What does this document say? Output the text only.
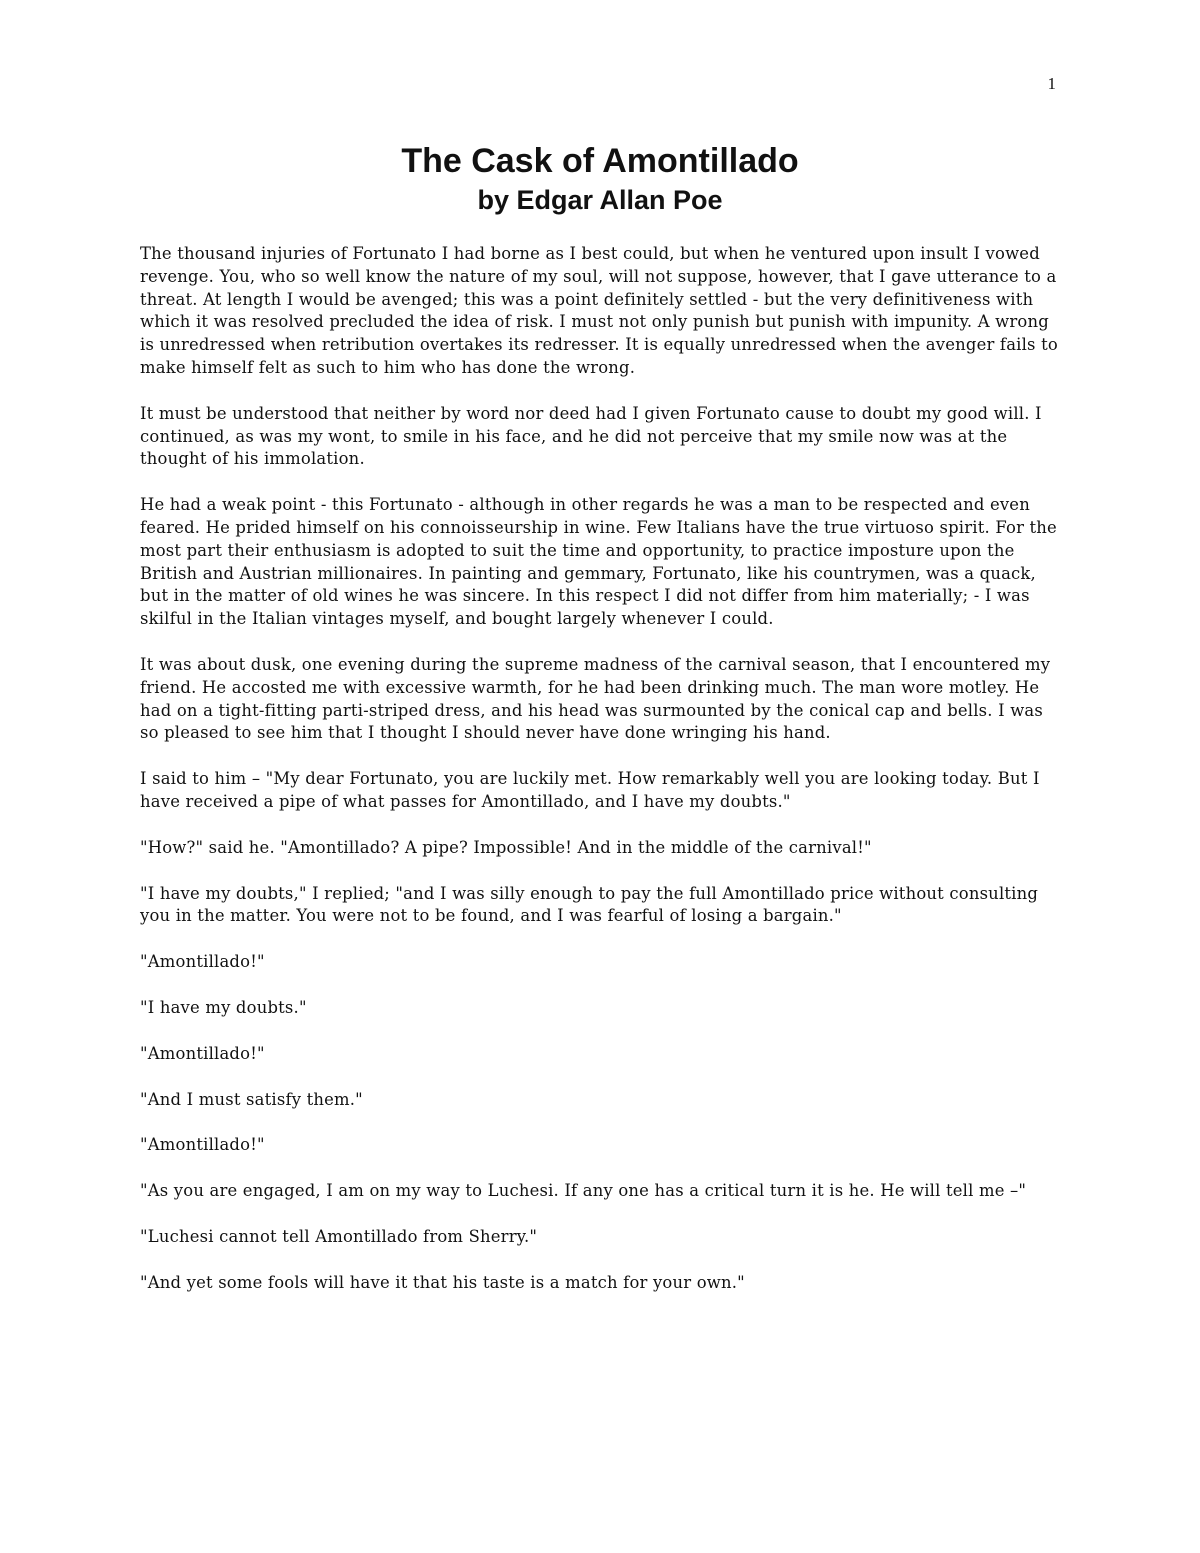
1
The Cask of Amontillado
by Edgar Allan Poe

The thousand injuries of Fortunato I had borne as I best could, but when he ventured upon insult I vowed revenge. You, who so well know the nature of my soul, will not suppose, however, that I gave utterance to a threat. At length I would be avenged; this was a point definitely settled - but the very definitiveness with which it was resolved precluded the idea of risk. I must not only punish but punish with impunity. A wrong is unredressed when retribution overtakes its redresser. It is equally unredressed when the avenger fails to make himself felt as such to him who has done the wrong.

It must be understood that neither by word nor deed had I given Fortunato cause to doubt my good will. I continued, as was my wont, to smile in his face, and he did not perceive that my smile now was at the thought of his immolation.

He had a weak point - this Fortunato - although in other regards he was a man to be respected and even feared. He prided himself on his connoisseurship in wine. Few Italians have the true virtuoso spirit. For the most part their enthusiasm is adopted to suit the time and opportunity, to practice imposture upon the British and Austrian millionaires. In painting and gemmary, Fortunato, like his countrymen, was a quack, but in the matter of old wines he was sincere. In this respect I did not differ from him materially; - I was skilful in the Italian vintages myself, and bought largely whenever I could.

It was about dusk, one evening during the supreme madness of the carnival season, that I encountered my friend. He accosted me with excessive warmth, for he had been drinking much. The man wore motley. He had on a tight-fitting parti-striped dress, and his head was surmounted by the conical cap and bells. I was so pleased to see him that I thought I should never have done wringing his hand.

I said to him – "My dear Fortunato, you are luckily met. How remarkably well you are looking today. But I have received a pipe of what passes for Amontillado, and I have my doubts."

"How?" said he. "Amontillado? A pipe? Impossible! And in the middle of the carnival!"

"I have my doubts," I replied; "and I was silly enough to pay the full Amontillado price without consulting you in the matter. You were not to be found, and I was fearful of losing a bargain."

"Amontillado!"

"I have my doubts."

"Amontillado!"

"And I must satisfy them."

"Amontillado!"

"As you are engaged, I am on my way to Luchesi. If any one has a critical turn it is he. He will tell me –"

"Luchesi cannot tell Amontillado from Sherry."

"And yet some fools will have it that his taste is a match for your own."
